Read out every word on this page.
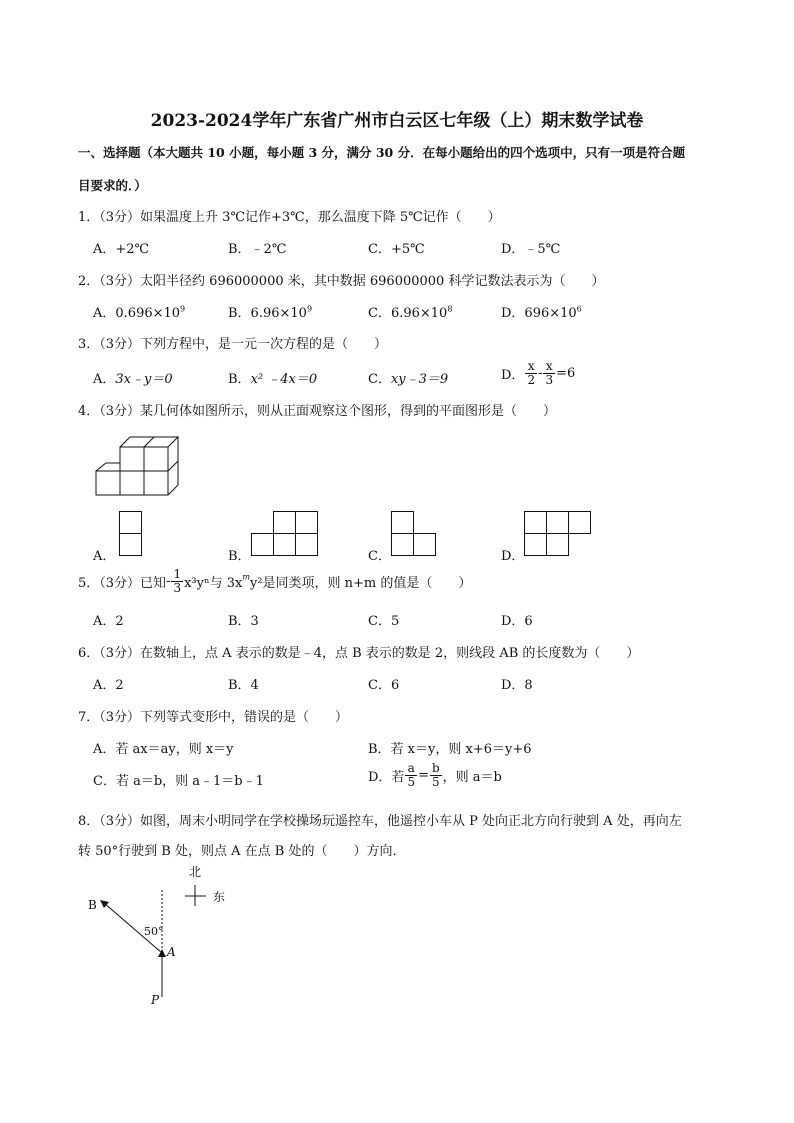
2023-2024学年广东省广州市白云区七年级（上）期末数学试卷
一、选择题（本大题共 10 小题，每小题 3 分，满分 30 分．在每小题给出的四个选项中，只有一项是符合题
目要求的．）
1．（3分）如果温度上升 3℃记作+3℃，那么温度下降 5℃记作（　　）
A．+2℃	B．﹣2℃	C．+5℃	D．﹣5℃
2．（3分）太阳半径约 696000000 米，其中数据 696000000 科学记数法表示为（　　）
A．$0.696\times 10^9$	B．$6.96\times 10^9$	C．$6.96\times 10^8$	D．$696\times 10^6$
3．（3分）下列方程中，是一元一次方程的是（　　）
A．3x﹣y＝0	B．x² ﹣4x＝0	C．xy﹣3＝9	D． $\frac{x}{2} - \frac{x}{3} =6$
4．（3分）某几何体如图所示，则从正面观察这个图形，得到的平面图形是（　　）
A．	B．	C．	D．
5．（3分）已知- $\frac{1}{3} x^3y^n$与 $3x^my^2$是同类项，则 n+m 的值是（　　）
A．2	B．3	C．5	D．6
6．（3分）在数轴上，点 A 表示的数是﹣4，点 B 表示的数是 2，则线段 AB 的长度数为（　　）
A．2	B．4	C．6	D．8
7．（3分）下列等式变形中，错误的是（　　）
A．若 ax＝ay，则 x＝y	B．若 x＝y，则 x+6＝y+6
C．若 a＝b，则 a﹣1＝b﹣1	D．若 $\frac{a}{5} = \frac{b}{5}$ ，则 a＝b
8．（3分）如图，周末小明同学在学校操场玩遥控车，他遥控小车从 P 处向正北方向行驶到 A 处，再向左
转 50°行驶到 B 处，则点 A 在点 B 处的（　　）方向．
北
东
B
50°
A
P
